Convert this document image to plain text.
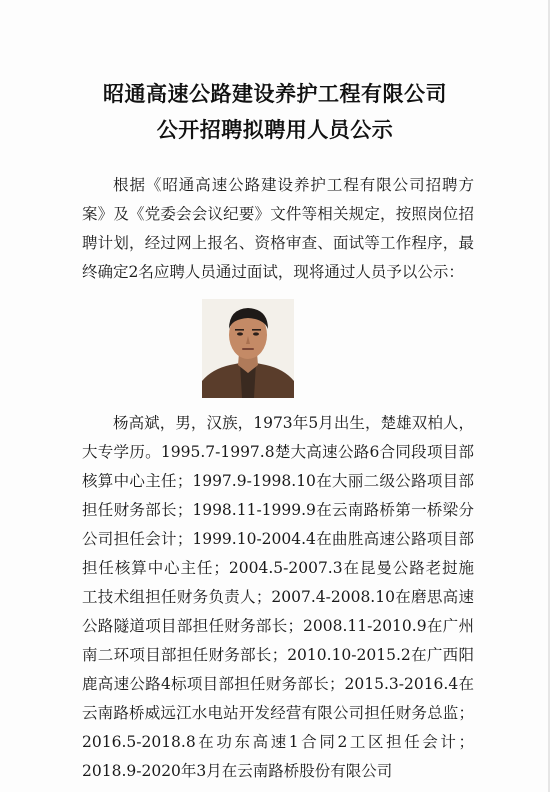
昭通高速公路建设养护工程有限公司
公开招聘拟聘用人员公示

根据《昭通高速公路建设养护工程有限公司招聘方案》及《党委会会议纪要》文件等相关规定，按照岗位招聘计划，经过网上报名、资格审查、面试等工作程序，最终确定2名应聘人员通过面试，现将通过人员予以公示：

杨高斌，男，汉族，1973年5月出生，楚雄双柏人，大专学历。1995.7-1997.8楚大高速公路6合同段项目部核算中心主任；1997.9-1998.10在大丽二级公路项目部担任财务部长；1998.11-1999.9在云南路桥第一桥梁分公司担任会计；1999.10-2004.4在曲胜高速公路项目部担任核算中心主任；2004.5-2007.3在昆曼公路老挝施工技术组担任财务负责人；2007.4-2008.10在磨思高速公路隧道项目部担任财务部长；2008.11-2010.9在广州南二环项目部担任财务部长；2010.10-2015.2在广西阳鹿高速公路4标项目部担任财务部长；2015.3-2016.4在云南路桥威远江水电站开发经营有限公司担任财务总监；2016.5-2018.8在功东高速1合同2工区担任会计；2018.9-2020年3月在云南路桥股份有限公司
